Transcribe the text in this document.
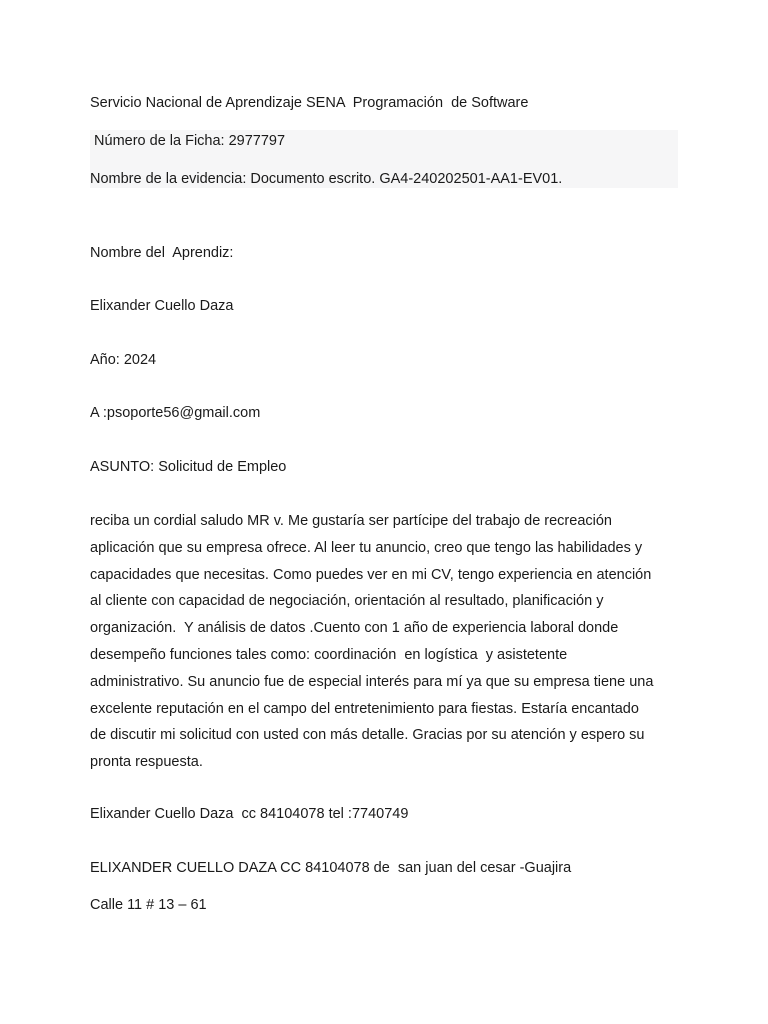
Servicio Nacional de Aprendizaje SENA  Programación  de Software
Número de la Ficha: 2977797
Nombre de la evidencia: Documento escrito. GA4-240202501-AA1-EV01.
Nombre del  Aprendiz:
Elixander Cuello Daza
Año: 2024
A :psoporte56@gmail.com
ASUNTO: Solicitud de Empleo
reciba un cordial saludo MR v. Me gustaría ser partícipe del trabajo de recreación
aplicación que su empresa ofrece. Al leer tu anuncio, creo que tengo las habilidades y
capacidades que necesitas. Como puedes ver en mi CV, tengo experiencia en atención
al cliente con capacidad de negociación, orientación al resultado, planificación y
organización.  Y análisis de datos .Cuento con 1 año de experiencia laboral donde
desempeño funciones tales como: coordinación  en logística  y asistetente
administrativo. Su anuncio fue de especial interés para mí ya que su empresa tiene una
excelente reputación en el campo del entretenimiento para fiestas. Estaría encantado
de discutir mi solicitud con usted con más detalle. Gracias por su atención y espero su
pronta respuesta.
Elixander Cuello Daza  cc 84104078 tel :7740749
ELIXANDER CUELLO DAZA CC 84104078 de  san juan del cesar -Guajira
Calle 11 # 13 – 61
